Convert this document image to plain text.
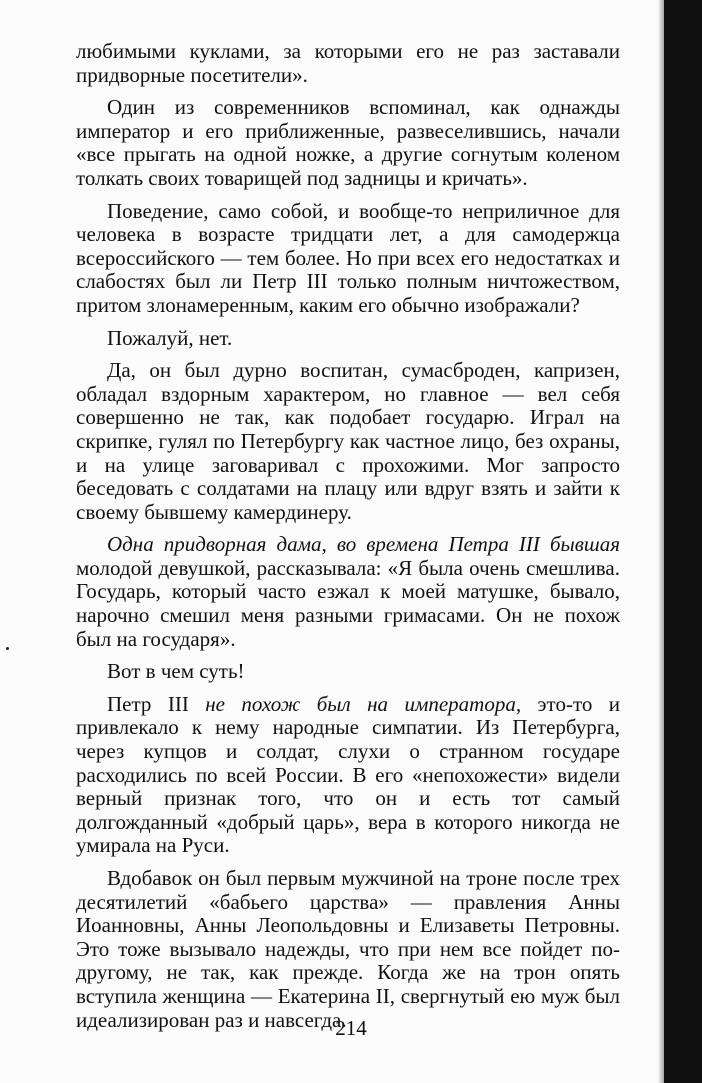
любимыми куклами, за которыми его не раз заставали придворные посетители».

Один из современников вспоминал, как однажды император и его приближенные, развеселившись, начали «все прыгать на одной ножке, а другие согнутым коленом толкать своих товарищей под задницы и кричать».

Поведение, само собой, и вообще-то неприличное для человека в возрасте тридцати лет, а для самодержца всероссийского — тем более. Но при всех его недостатках и слабостях был ли Петр III только полным ничтожеством, притом злонамеренным, каким его обычно изображали?

Пожалуй, нет.

Да, он был дурно воспитан, сумасброден, капризен, обладал вздорным характером, но главное — вел себя совершенно не так, как подобает государю. Играл на скрипке, гулял по Петербургу как частное лицо, без охраны, и на улице заговаривал с прохожими. Мог запросто беседовать с солдатами на плацу или вдруг взять и зайти к своему бывшему камердинеру.

Одна придворная дама, во времена Петра III бывшая молодой девушкой, рассказывала: «Я была очень смешлива. Государь, который часто езжал к моей матушке, бывало, нарочно смешил меня разными гримасами. Он не похож был на государя».

Вот в чем суть!

Петр III не похож был на императора, это-то и привлекало к нему народные симпатии. Из Петербурга, через купцов и солдат, слухи о странном государе расходились по всей России. В его «непохожести» видели верный признак того, что он и есть тот самый долгожданный «добрый царь», вера в которого никогда не умирала на Руси.

Вдобавок он был первым мужчиной на троне после трех десятилетий «бабьего царства» — правления Анны Иоанновны, Анны Леопольдовны и Елизаветы Петровны. Это тоже вызывало надежды, что при нем все пойдет по-другому, не так, как прежде. Когда же на трон опять вступила женщина — Екатерина II, свергнутый ею муж был идеализирован раз и навсегда.

214
